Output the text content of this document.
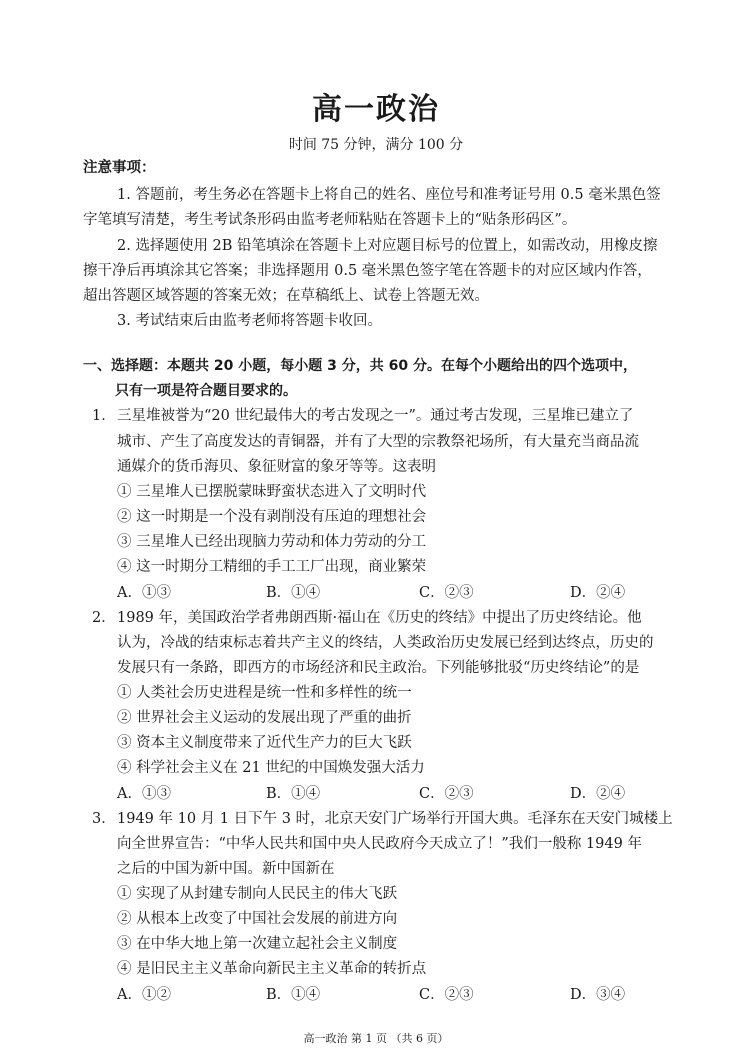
高一政治
时间 75 分钟，满分 100 分
注意事项：
1. 答题前，考生务必在答题卡上将自己的姓名、座位号和准考证号用 0.5 毫米黑色签
字笔填写清楚，考生考试条形码由监考老师粘贴在答题卡上的“贴条形码区”。
2. 选择题使用 2B 铅笔填涂在答题卡上对应题目标号的位置上，如需改动，用橡皮擦
擦干净后再填涂其它答案；非选择题用 0.5 毫米黑色签字笔在答题卡的对应区域内作答，
超出答题区域答题的答案无效；在草稿纸上、试卷上答题无效。
3. 考试结束后由监考老师将答题卡收回。
一、选择题：本题共 20 小题，每小题 3 分，共 60 分。在每个小题给出的四个选项中，
只有一项是符合题目要求的。
1． 三星堆被誉为“20 世纪最伟大的考古发现之一”。通过考古发现，三星堆已建立了
城市、产生了高度发达的青铜器，并有了大型的宗教祭祀场所，有大量充当商品流
通媒介的货币海贝、象征财富的象牙等等。这表明
① 三星堆人已摆脱蒙昧野蛮状态进入了文明时代
② 这一时期是一个没有剥削没有压迫的理想社会
③ 三星堆人已经出现脑力劳动和体力劳动的分工
④ 这一时期分工精细的手工工厂出现，商业繁荣
A．①③	B．①④	C．②③	D．②④
2． 1989 年，美国政治学者弗朗西斯·福山在《历史的终结》中提出了历史终结论。他
认为，冷战的结束标志着共产主义的终结，人类政治历史发展已经到达终点，历史的
发展只有一条路，即西方的市场经济和民主政治。下列能够批驳“历史终结论”的是
① 人类社会历史进程是统一性和多样性的统一
② 世界社会主义运动的发展出现了严重的曲折
③ 资本主义制度带来了近代生产力的巨大飞跃
④ 科学社会主义在 21 世纪的中国焕发强大活力
A．①③	B．①④	C．②③	D．②④
3． 1949 年 10 月 1 日下午 3 时，北京天安门广场举行开国大典。毛泽东在天安门城楼上
向全世界宣告：“中华人民共和国中央人民政府今天成立了！”我们一般称 1949 年
之后的中国为新中国。新中国新在
① 实现了从封建专制向人民民主的伟大飞跃
② 从根本上改变了中国社会发展的前进方向
③ 在中华大地上第一次建立起社会主义制度
④ 是旧民主主义革命向新民主主义革命的转折点
A．①②	B．①④	C．②③	D．③④
高一政治 第 1 页 （共 6 页）
